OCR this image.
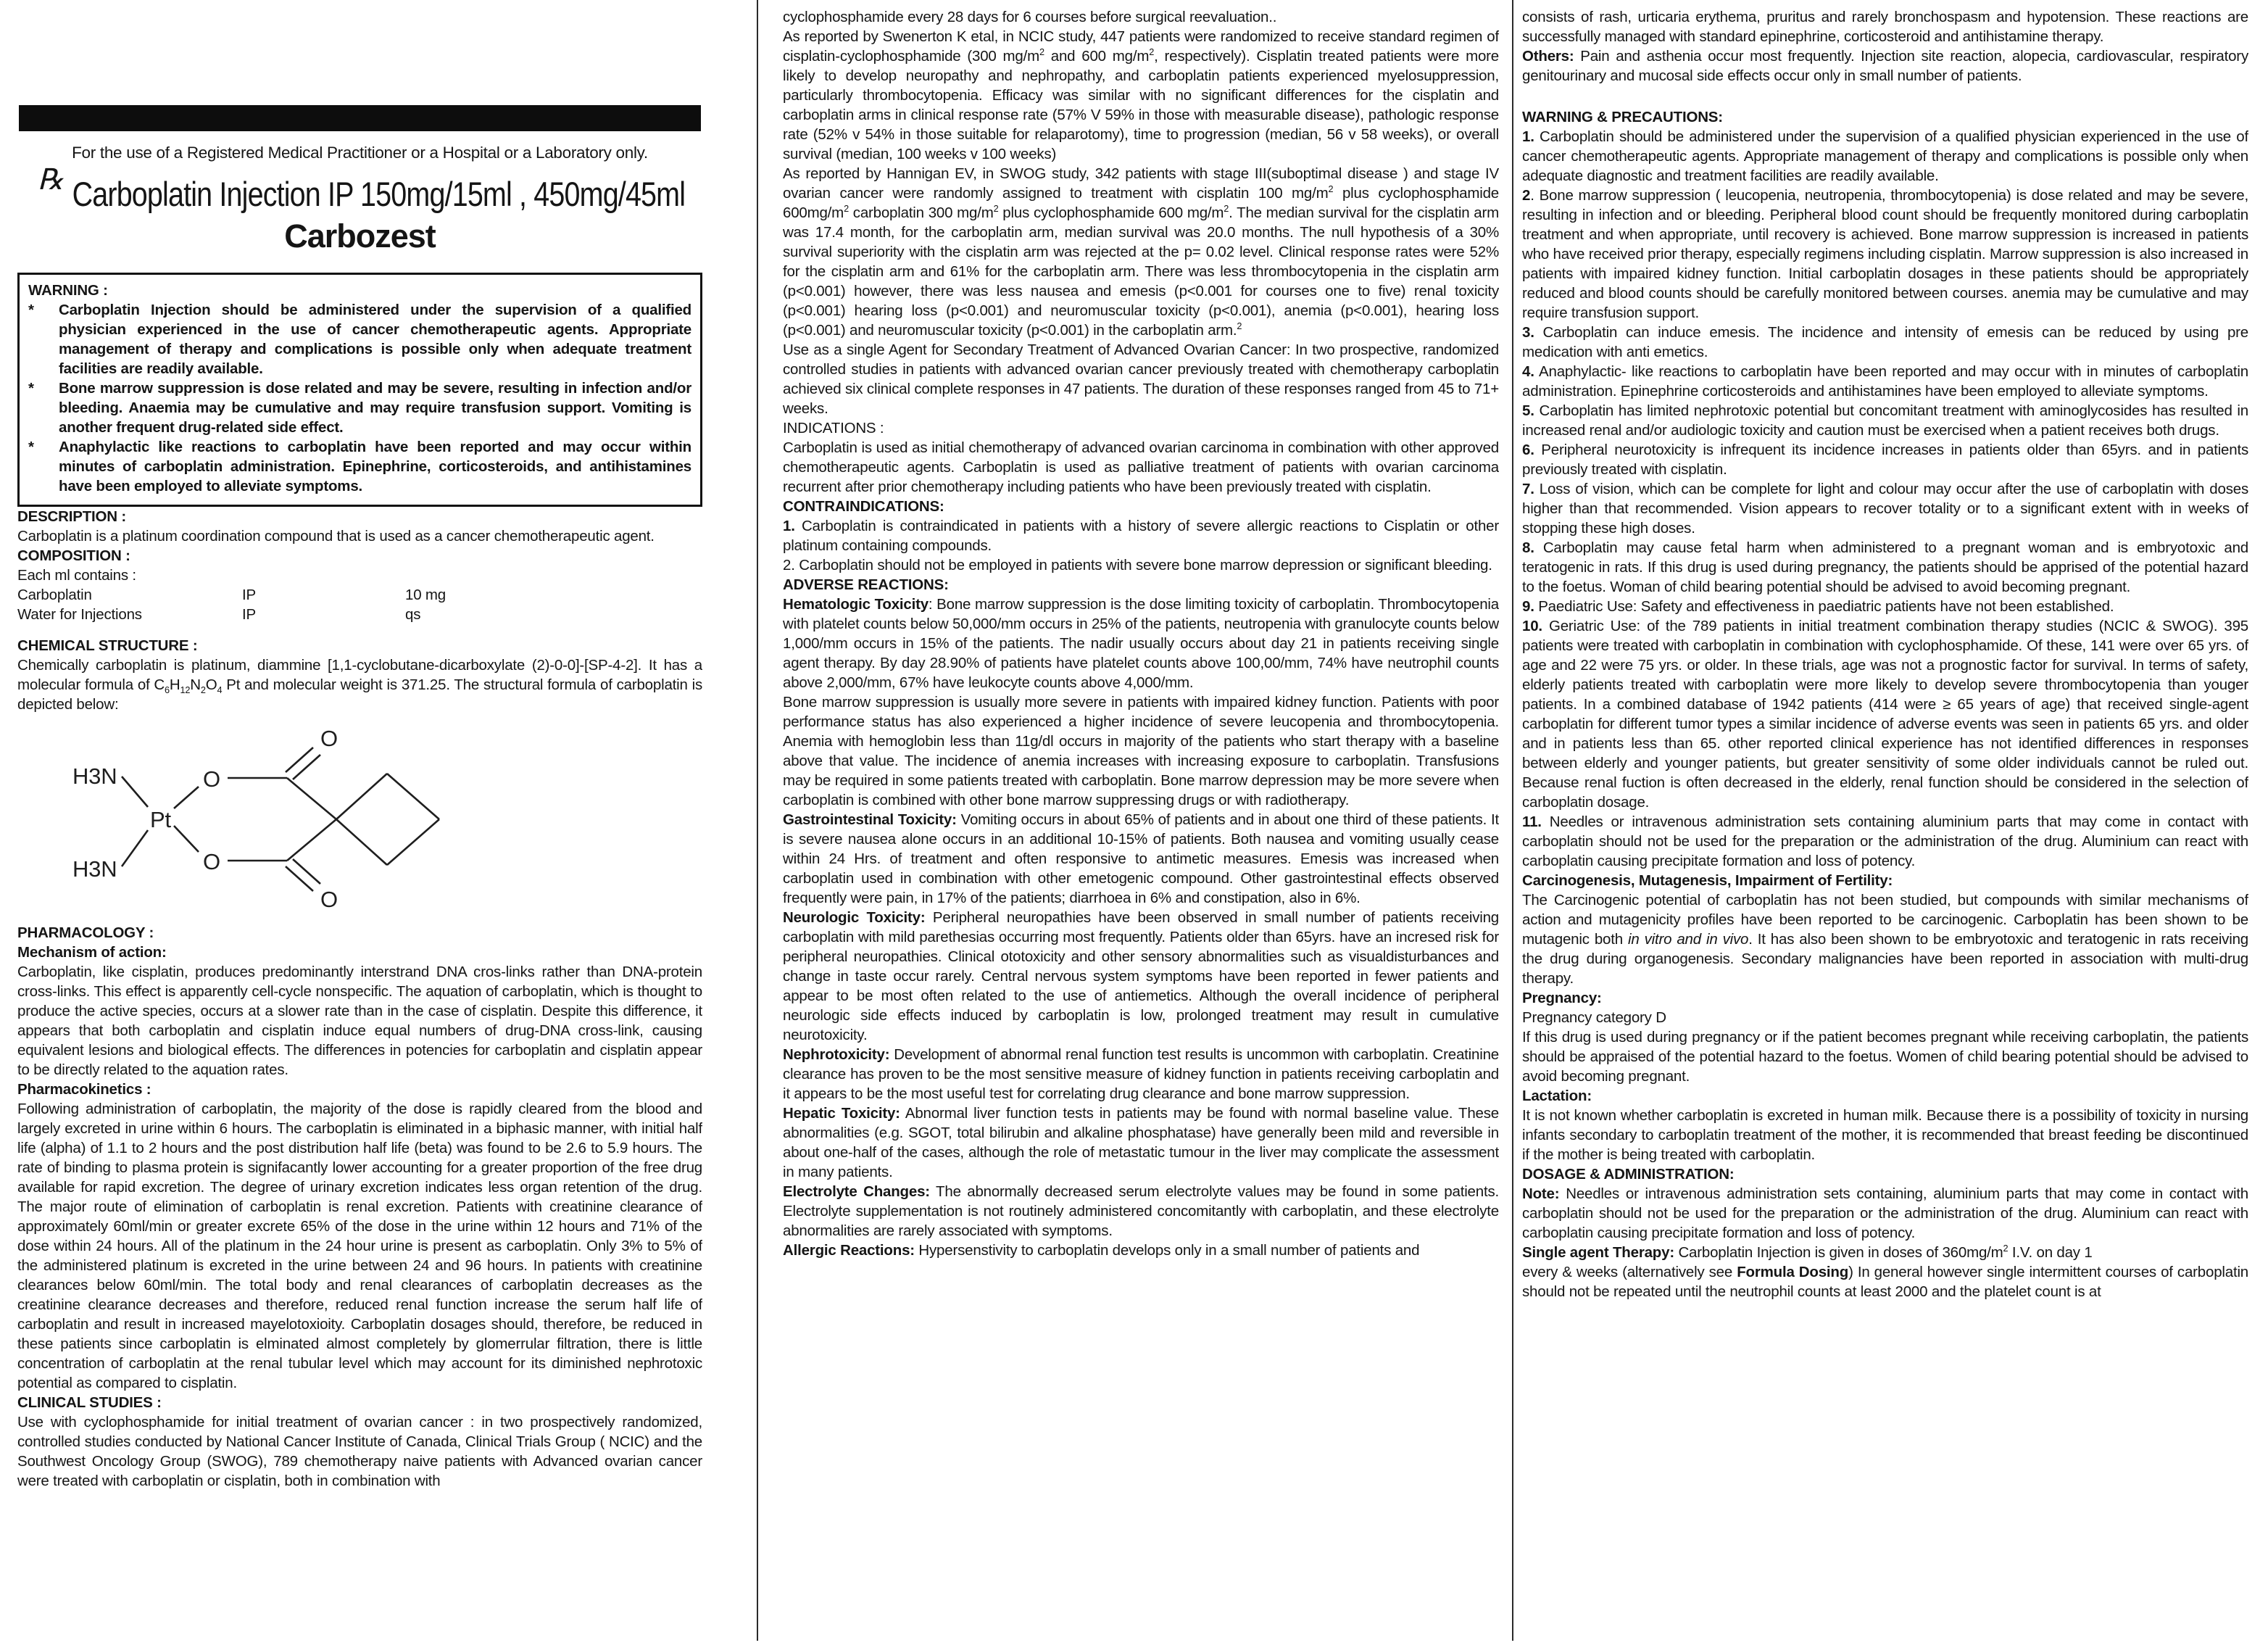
For the use of a Registered Medical Practitioner or a Hospital or a Laboratory only.
℞ Carboplatin Injection IP 150mg/15ml , 450mg/45ml
Carbozest
WARNING :
*	Carboplatin Injection should be administered under the supervision of a qualified physician experienced in the use of cancer chemotherapeutic agents. Appropriate management of therapy and complications is possible only when adequate treatment facilities are readily available.
*	Bone marrow suppression is dose related and may be severe, resulting in infection and/or bleeding. Anaemia may be cumulative and may require transfusion support. Vomiting is another frequent drug-related side effect.
*	Anaphylactic like reactions to carboplatin have been reported and may occur within minutes of carboplatin administration. Epinephrine, corticosteroids, and antihistamines have been employed to alleviate symptoms.
DESCRIPTION :

Carboplatin is a platinum coordination compound that is used as a cancer chemotherapeutic agent.

COMPOSITION :

Each ml contains :

Carboplatin	IP	10 mg
Water for Injections	IP	qs
CHEMICAL STRUCTURE :

Chemically carboplatin is platinum, diammine [1,1-cyclobutane-dicarboxylate (2)-0-0]-[SP-4-2]. It has a molecular formula of $C_6H_{12}N_2O_4$ Pt and molecular weight is 371.25. The structural formula of carboplatin is depicted below:

H3N
H3N
Pt
O
O
O
O
PHARMACOLOGY :
Mechanism of action:

Carboplatin, like cisplatin, produces predominantly interstrand DNA cros-links rather than DNA-protein cross-links. This effect is apparently cell-cycle nonspecific. The aquation of carboplatin, which is thought to produce the active species, occurs at a slower rate than in the case of cisplatin. Despite this difference, it appears that both carboplatin and cisplatin induce equal numbers of drug-DNA cross-link, causing equivalent lesions and biological effects. The differences in potencies for carboplatin and cisplatin appear to be directly related to the aquation rates.

Pharmacokinetics :

Following administration of carboplatin, the majority of the dose is rapidly cleared from the blood and largely excreted in urine within 6 hours. The carboplatin is eliminated in a biphasic manner, with initial half life (alpha) of 1.1 to 2 hours and the post distribution half life (beta) was found to be 2.6 to 5.9 hours. The rate of binding to plasma protein is signifacantly lower accounting for a greater proportion of the free drug available for rapid excretion. The degree of urinary excretion indicates less organ retention of the drug. The major route of elimination of carboplatin is renal excretion. Patients with creatinine clearance of approximately 60ml/min or greater excrete 65% of the dose in the urine within 12 hours and 71% of the dose within 24 hours. All of the platinum in the 24 hour urine is present as carboplatin. Only 3% to 5% of the administered platinum is excreted in the urine between 24 and 96 hours. In patients with creatinine clearances below 60ml/min. The total body and renal clearances of carboplatin decreases as the creatinine clearance decreases and therefore, reduced renal function increase the serum half life of carboplatin and result in increased mayelotoxioity. Carboplatin dosages should, therefore, be reduced in these patients since carboplatin is elminated almost completely by glomerrular filtration, there is little concentration of carboplatin at the renal tubular level which may account for its diminished nephrotoxic potential as compared to cisplatin.

CLINICAL STUDIES :

Use with cyclophosphamide for initial treatment of ovarian cancer : in two prospectively randomized, controlled studies conducted by National Cancer Institute of Canada, Clinical Trials Group ( NCIC) and the Southwest Oncology Group (SWOG), 789 chemotherapy naive patients with Advanced ovarian cancer were treated with carboplatin or cisplatin, both in combination with

cyclophosphamide every 28 days for 6 courses before surgical reevaluation..

As reported by Swenerton K etal, in NCIC study, 447 patients were randomized to receive standard regimen of cisplatin-cyclophosphamide (300 $mg/m^2$ and 600 $mg/m^2$, respectively). Cisplatin treated patients were more likely to develop neuropathy and nephropathy, and carboplatin patients experienced myelosuppression, particularly thrombocytopenia. Efficacy was similar with no significant differences for the cisplatin and carboplatin arms in clinical response rate (57% V 59% in those with measurable disease), pathologic response rate (52% v 54% in those suitable for relaparotomy), time to progression (median, 56 v 58 weeks), or overall survival (median, 100 weeks v 100 weeks)

As reported by Hannigan EV, in SWOG study, 342 patients with stage III(suboptimal disease ) and stage IV ovarian cancer were randomly assigned to treatment with cisplatin 100 $mg/m^2$ plus cyclophosphamide $600mg/m^2$ carboplatin 300 $mg/m^2$ plus cyclophosphamide 600 $mg/m^2$. The median survival for the cisplatin arm was 17.4 month, for the carboplatin arm, median survival was 20.0 months. The null hypothesis of a 30% survival superiority with the cisplatin arm was rejected at the p= 0.02 level. Clinical response rates were 52% for the cisplatin arm and 61% for the carboplatin arm. There was less thrombocytopenia in the cisplatin arm (p<0.001) however, there was less nausea and emesis (p<0.001 for courses one to five) renal toxicity (p<0.001) hearing loss (p<0.001) and neuromuscular toxicity (p<0.001), anemia (p<0.001), hearing loss (p<0.001) and neuromuscular toxicity (p<0.001) in the carboplatin arm.$^2$

Use as a single Agent for Secondary Treatment of Advanced Ovarian Cancer: In two prospective, randomized controlled studies in patients with advanced ovarian cancer previously treated with chemotherapy carboplatin achieved six clinical complete responses in 47 patients. The duration of these responses ranged from 45 to 71+ weeks.

INDICATIONS :

Carboplatin is used as initial chemotherapy of advanced ovarian carcinoma in combination with other approved chemotherapeutic agents. Carboplatin is used as palliative treatment of patients with ovarian carcinoma recurrent after prior chemotherapy including patients who have been previously treated with cisplatin.

CONTRAINDICATIONS:

1. Carboplatin is contraindicated in patients with a history of severe allergic reactions to Cisplatin or other platinum containing compounds.

2. Carboplatin should not be employed in patients with severe bone marrow depression or significant bleeding.

ADVERSE REACTIONS:

Hematologic Toxicity: Bone marrow suppression is the dose limiting toxicity of carboplatin. Thrombocytopenia with platelet counts below 50,000/mm occurs in 25% of the patients, neutropenia with granulocyte counts below 1,000/mm occurs in 15% of the patients. The nadir usually occurs about day 21 in patients receiving single agent therapy. By day 28.90% of patients have platelet counts above 100,00/mm, 74% have neutrophil counts above 2,000/mm, 67% have leukocyte counts above 4,000/mm.

Bone marrow suppression is usually more severe in patients with impaired kidney function. Patients with poor performance status has also experienced a higher incidence of severe leucopenia and thrombocytopenia. Anemia with hemoglobin less than 11g/dl occurs in majority of the patients who start therapy with a baseline above that value. The incidence of anemia increases with increasing exposure to carboplatin. Transfusions may be required in some patients treated with carboplatin. Bone marrow depression may be more severe when carboplatin is combined with other bone marrow suppressing drugs or with radiotherapy.

Gastrointestinal Toxicity: Vomiting occurs in about 65% of patients and in about one third of these patients. It is severe nausea alone occurs in an additional 10-15% of patients. Both nausea and vomiting usually cease within 24 Hrs. of treatment and often responsive to antimetic measures. Emesis was increased when carboplatin used in combination with other emetogenic compound. Other gastrointestinal effects observed frequently were pain, in 17% of the patients; diarrhoea in 6% and constipation, also in 6%.

Neurologic Toxicity: Peripheral neuropathies have been observed in small number of patients receiving carboplatin with mild parethesias occurring most frequently. Patients older than 65yrs. have an incresed risk for peripheral neuropathies. Clinical ototoxicity and other sensory abnormalities such as visualdisturbances and change in taste occur rarely. Central nervous system symptoms have been reported in fewer patients and appear to be most often related to the use of antiemetics. Although the overall incidence of peripheral neurologic side effects induced by carboplatin is low, prolonged treatment may result in cumulative neurotoxicity.

Nephrotoxicity: Development of abnormal renal function test results is uncommon with carboplatin. Creatinine clearance has proven to be the most sensitive measure of kidney function in patients receiving carboplatin and it appears to be the most useful test for correlating drug clearance and bone marrow suppression.

Hepatic Toxicity: Abnormal liver function tests in patients may be found with normal baseline value. These abnormalities (e.g. SGOT, total bilirubin and alkaline phosphatase) have generally been mild and reversible in about one-half of the cases, although the role of metastatic tumour in the liver may complicate the assessment in many patients.

Electrolyte Changes: The abnormally decreased serum electrolyte values may be found in some patients. Electrolyte supplementation is not routinely administered concomitantly with carboplatin, and these electrolyte abnormalities are rarely associated with symptoms.

Allergic Reactions: Hypersenstivity to carboplatin develops only in a small number of patients and

consists of rash, urticaria erythema, pruritus and rarely bronchospasm and hypotension. These reactions are successfully managed with standard epinephrine, corticosteroid and antihistamine therapy.

Others: Pain and asthenia occur most frequently. Injection site reaction, alopecia, cardiovascular, respiratory genitourinary and mucosal side effects occur only in small number of patients.

WARNING & PRECAUTIONS:

1. Carboplatin should be administered under the supervision of a qualified physician experienced in the use of cancer chemotherapeutic agents. Appropriate management of therapy and complications is possible only when adequate diagnostic and treatment facilities are readily available.

2. Bone marrow suppression ( leucopenia, neutropenia, thrombocytopenia) is dose related and may be severe, resulting in infection and or bleeding. Peripheral blood count should be frequently monitored during carboplatin treatment and when appropriate, until recovery is achieved. Bone marrow suppression is increased in patients who have received prior therapy, especially regimens including cisplatin. Marrow suppression is also increased in patients with impaired kidney function. Initial carboplatin dosages in these patients should be appropriately reduced and blood counts should be carefully monitored between courses. anemia may be cumulative and may require transfusion support.

3. Carboplatin can induce emesis. The incidence and intensity of emesis can be reduced by using pre medication with anti emetics.

4. Anaphylactic- like reactions to carboplatin have been reported and may occur with in minutes of carboplatin administration. Epinephrine corticosteroids and antihistamines have been employed to alleviate symptoms.

5. Carboplatin has limited nephrotoxic potential but concomitant treatment with aminoglycosides has resulted in increased renal and/or audiologic toxicity and caution must be exercised when a patient receives both drugs.

6. Peripheral neurotoxicity is infrequent its incidence increases in patients older than 65yrs. and in patients previously treated with cisplatin.

7. Loss of vision, which can be complete for light and colour may occur after the use of carboplatin with doses higher than that recommended. Vision appears to recover totality or to a significant extent with in weeks of stopping these high doses.

8. Carboplatin may cause fetal harm when administered to a pregnant woman and is embryotoxic and teratogenic in rats. If this drug is used during pregnancy, the patients should be apprised of the potential hazard to the foetus. Woman of child bearing potential should be advised to avoid becoming pregnant.

9. Paediatric Use: Safety and effectiveness in paediatric patients have not been established.

10. Geriatric Use: of the 789 patients in initial treatment combination therapy studies (NCIC & SWOG). 395 patients were treated with carboplatin in combination with cyclophosphamide. Of these, 141 were over 65 yrs. of age and 22 were 75 yrs. or older. In these trials, age was not a prognostic factor for survival. In terms of safety, elderly patients treated with carboplatin were more likely to develop severe thrombocytopenia than youger patients. In a combined database of 1942 patients (414 were ≥ 65 years of age) that received single-agent carboplatin for different tumor types a similar incidence of adverse events was seen in patients 65 yrs. and older and in patients less than 65. other reported clinical experience has not identified differences in responses between elderly and younger patients, but greater sensitivity of some older individuals cannot be ruled out. Because renal fuction is often decreased in the elderly, renal function should be considered in the selection of carboplatin dosage.

11. Needles or intravenous administration sets containing aluminium parts that may come in contact with carboplatin should not be used for the preparation or the administration of the drug. Aluminium can react with carboplatin causing precipitate formation and loss of potency.

Carcinogenesis, Mutagenesis, Impairment of Fertility:

The Carcinogenic potential of carboplatin has not been studied, but compounds with similar mechanisms of action and mutagenicity profiles have been reported to be carcinogenic. Carboplatin has been shown to be mutagenic both in vitro and in vivo. It has also been shown to be embryotoxic and teratogenic in rats receiving the drug during organogenesis. Secondary malignancies have been reported in association with multi-drug therapy.

Pregnancy:

Pregnancy category D

If this drug is used during pregnancy or if the patient becomes pregnant while receiving carboplatin, the patients should be appraised of the potential hazard to the foetus. Women of child bearing potential should be advised to avoid becoming pregnant.

Lactation:

It is not known whether carboplatin is excreted in human milk. Because there is a possibility of toxicity in nursing infants secondary to carboplatin treatment of the mother, it is recommended that breast feeding be discontinued if the mother is being treated with carboplatin.

DOSAGE & ADMINISTRATION:

Note: Needles or intravenous administration sets containing, aluminium parts that may come in contact with carboplatin should not be used for the preparation or the administration of the drug. Aluminium can react with carboplatin causing precipitate formation and loss of potency.

Single agent Therapy: Carboplatin Injection is given in doses of $360mg/m^2$ I.V. on day 1

every & weeks (alternatively see Formula Dosing) In general however single intermittent courses of carboplatin should not be repeated until the neutrophil counts at least 2000 and the platelet count is at
